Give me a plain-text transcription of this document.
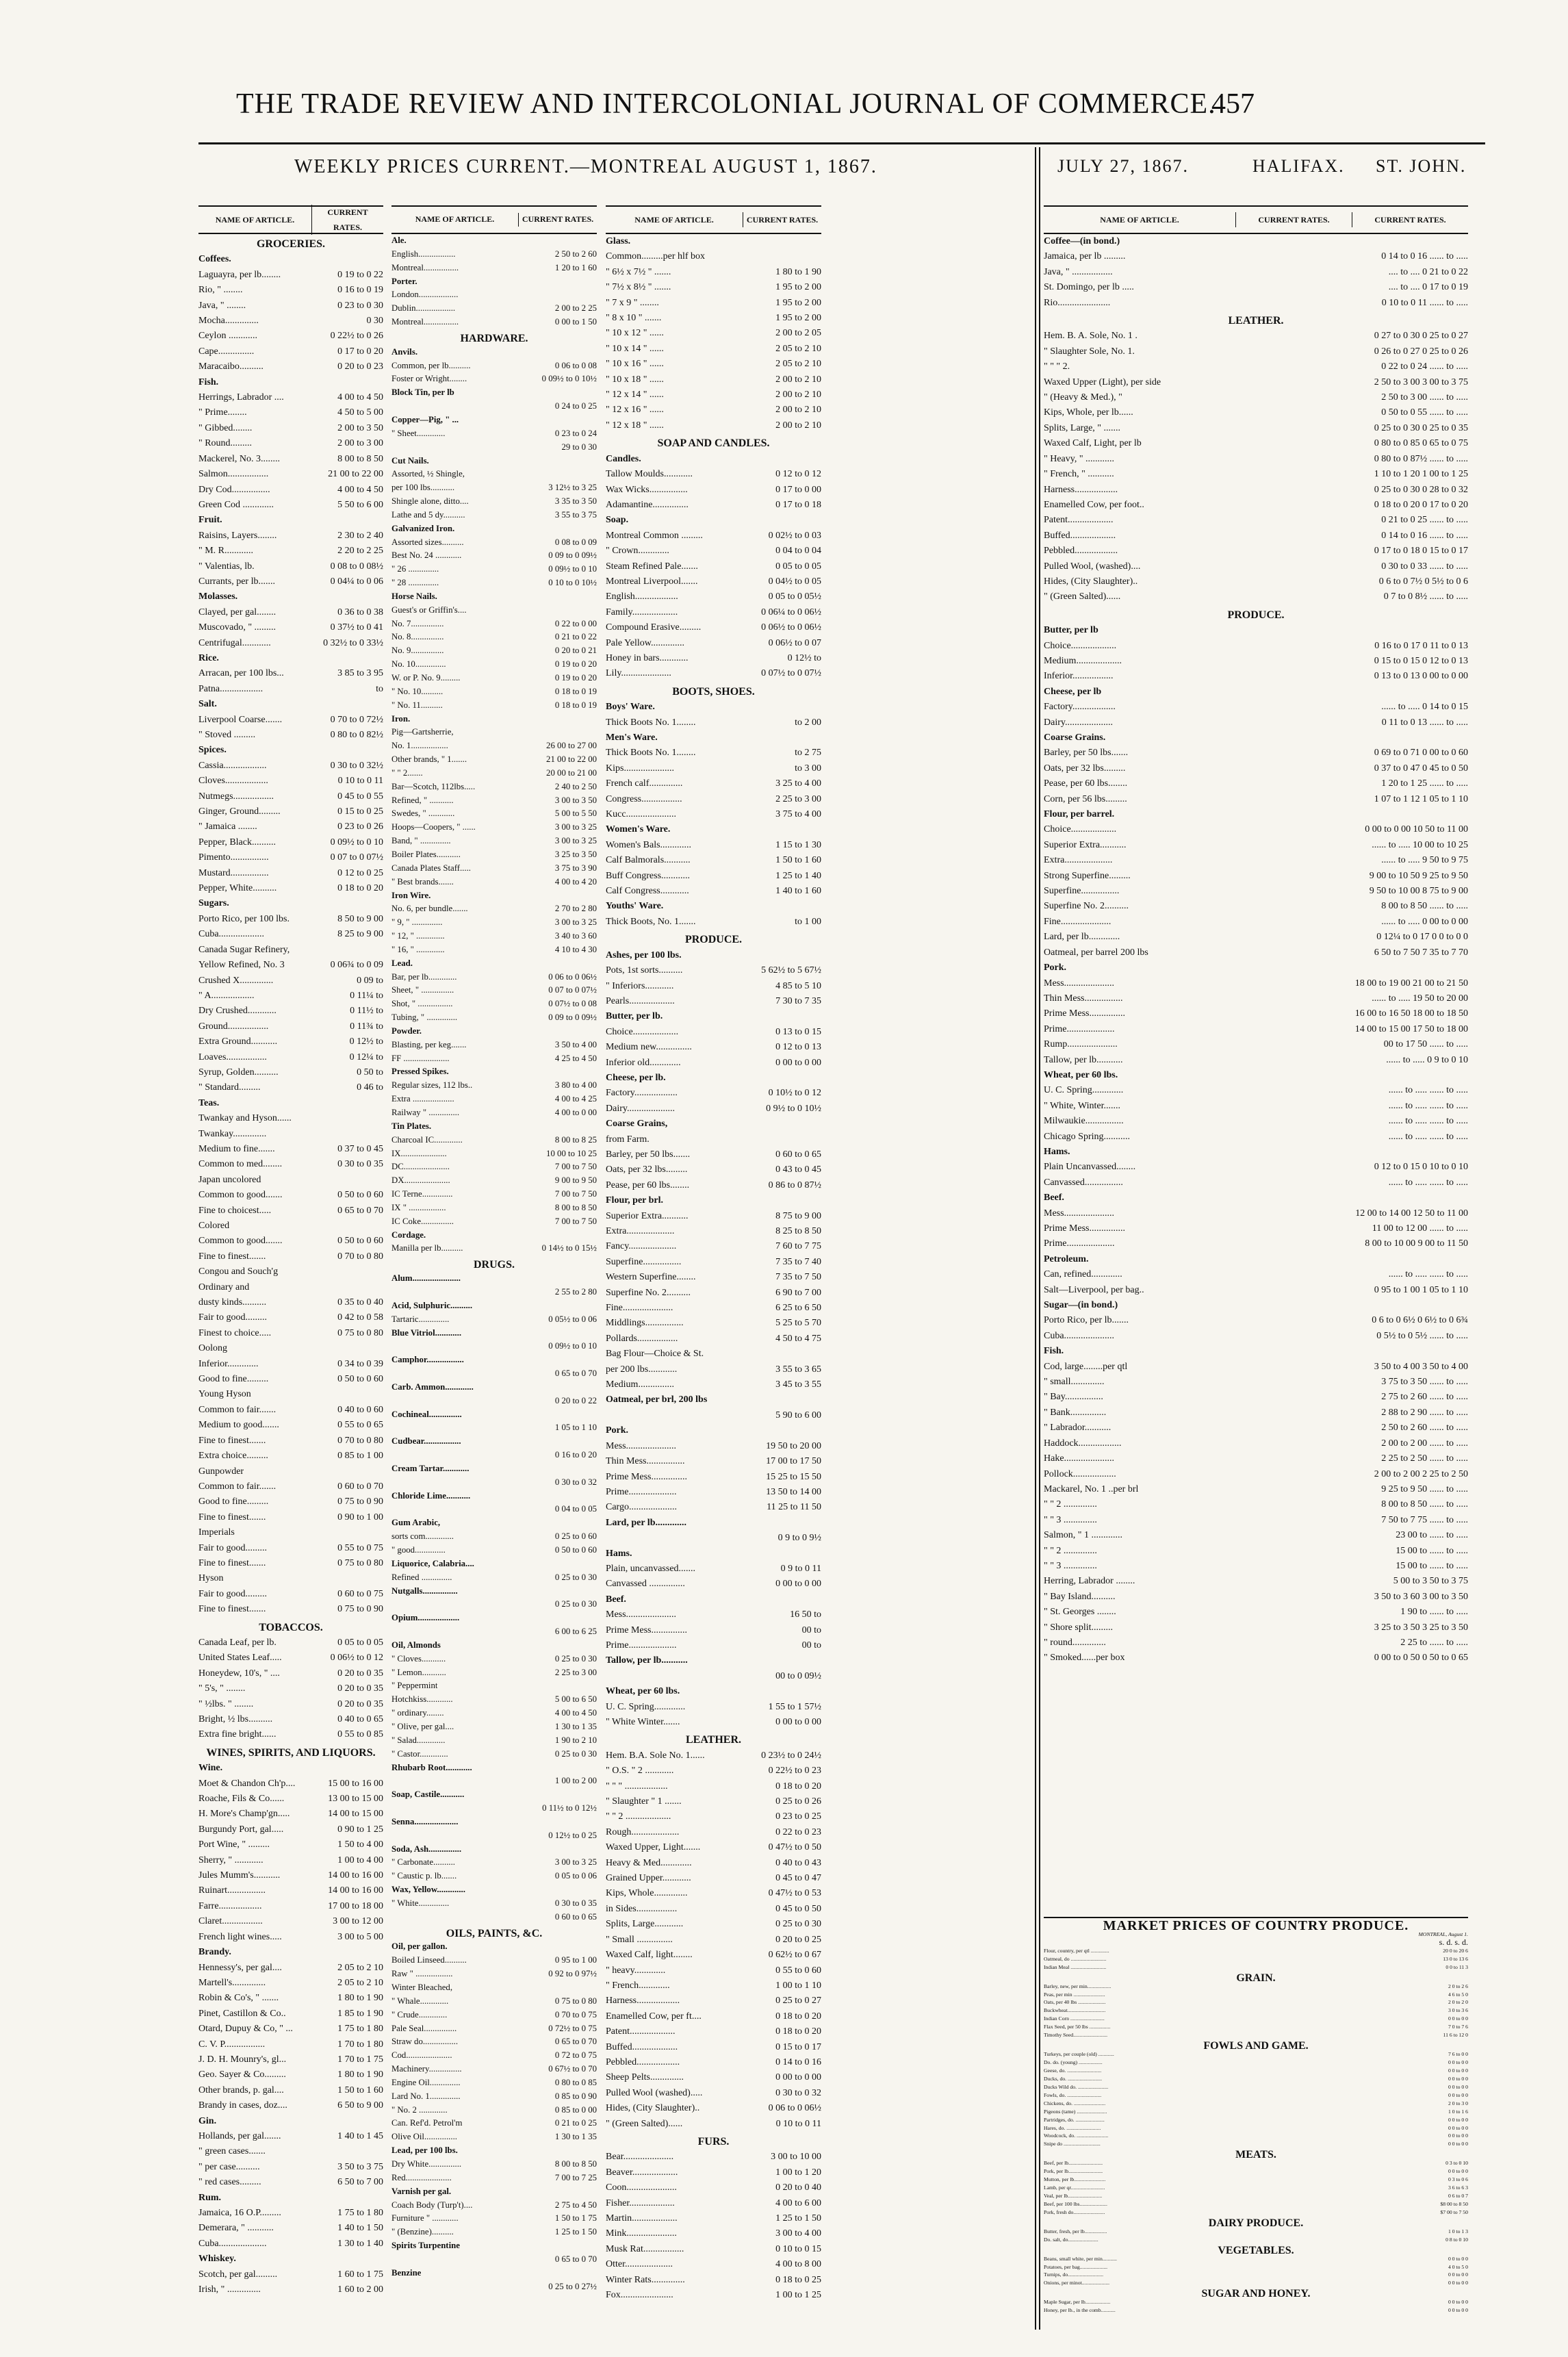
THE TRADE REVIEW AND INTERCOLONIAL JOURNAL OF COMMERCE.
457
WEEKLY PRICES CURRENT.—MONTREAL AUGUST 1, 1867.	JULY 27, 1867.	HALIFAX. ST. JOHN.
NAME OF ARTICLE.
CURRENT RATES.
GROCERIES.
Coffees.
Laguayra, per lb........	0 19 to 0 22
Rio, " ........	0 16 to 0 19
Java, " ........	0 23 to 0 30
Mocha..............	0 30
Ceylon ............	0 22½ to 0 26
Cape...............	0 17 to 0 20
Maracaibo..........	0 20 to 0 23
Fish.
Herrings, Labrador ....	4 00 to 4 50
" Prime........	4 50 to 5 00
" Gibbed........	2 00 to 3 50
" Round.........	2 00 to 3 00
Mackerel, No. 3........	8 00 to 8 50
Salmon.................	21 00 to 22 00
Dry Cod................	4 00 to 4 50
Green Cod .............	5 50 to 6 00
Fruit.
Raisins, Layers........	2 30 to 2 40
" M. R............	2 20 to 2 25
" Valentias, lb.	0 08 to 0 08½
Currants, per lb.......	0 04¼ to 0 06
Molasses.
Clayed, per gal........	0 36 to 0 38
Muscovado, " .........	0 37½ to 0 41
Centrifugal............	0 32½ to 0 33½
Rice.
Arracan, per 100 lbs...	3 85 to 3 95
Patna..................	to
Salt.
Liverpool Coarse.......	0 70 to 0 72½
" Stoved .........	0 80 to 0 82½
Spices.
Cassia..................	0 30 to 0 32½
Cloves..................	0 10 to 0 11
Nutmegs.................	0 45 to 0 55
Ginger, Ground.........	0 15 to 0 25
" Jamaica ........	0 23 to 0 26
Pepper, Black..........	0 09½ to 0 10
Pimento................	0 07 to 0 07½
Mustard................	0 12 to 0 25
Pepper, White..........	0 18 to 0 20
Sugars.
Porto Rico, per 100 lbs.	8 50 to 9 00
Cuba...................	8 25 to 9 00
Canada Sugar Refinery,
Yellow Refined, No. 3	0 06¾ to 0 09
Crushed X..............	0 09 to
" A..................	0 11¼ to
Dry Crushed............	0 11½ to
Ground.................	0 11¾ to
Extra Ground...........	0 12½ to
Loaves.................	0 12¼ to
Syrup, Golden..........	0 50 to
" Standard.........	0 46 to
Teas.
Twankay and Hyson......
Twankay..............
Medium to fine.......	0 37 to 0 45
Common to med........	0 30 to 0 35
Japan uncolored
Common to good.......	0 50 to 0 60
Fine to choicest.....	0 65 to 0 70
Colored
Common to good.......	0 50 to 0 60
Fine to finest.......	0 70 to 0 80
Congou and Souch'g
Ordinary and
dusty kinds..........	0 35 to 0 40
Fair to good.........	0 42 to 0 58
Finest to choice.....	0 75 to 0 80
Oolong
Inferior.............	0 34 to 0 39
Good to fine.........	0 50 to 0 60
Young Hyson
Common to fair.......	0 40 to 0 60
Medium to good.......	0 55 to 0 65
Fine to finest.......	0 70 to 0 80
Extra choice.........	0 85 to 1 00
Gunpowder
Common to fair.......	0 60 to 0 70
Good to fine.........	0 75 to 0 90
Fine to finest.......	0 90 to 1 00
Imperials
Fair to good.........	0 55 to 0 75
Fine to finest.......	0 75 to 0 80
Hyson
Fair to good.........	0 60 to 0 75
Fine to finest.......	0 75 to 0 90
TOBACCOS.
Canada Leaf, per lb.	0 05 to 0 05
United States Leaf.....	0 06½ to 0 12
Honeydew, 10's, " ....	0 20 to 0 35
" 5's, " ........	0 20 to 0 35
" ½lbs. " ........	0 20 to 0 35
Bright, ½ lbs..........	0 40 to 0 65
Extra fine bright......	0 55 to 0 85
WINES, SPIRITS, AND LIQUORS.
Wine.
Moet & Chandon Ch'p....	15 00 to 16 00
Roache, Fils & Co......	13 00 to 15 00
H. More's Champ'gn.....	14 00 to 15 00
Burgundy Port, gal.....	0 90 to 1 25
Port Wine, " .........	1 50 to 4 00
Sherry, " ............	1 00 to 4 00
Jules Mumm's...........	14 00 to 16 00
Ruinart................	14 00 to 16 00
Farre..................	17 00 to 18 00
Claret.................	3 00 to 12 00
French light wines.....	3 00 to 5 00
Brandy.
Hennessy's, per gal....	2 05 to 2 10
Martell's..............	2 05 to 2 10
Robin & Co's, " .......	1 80 to 1 90
Pinet, Castillon & Co..	1 85 to 1 90
Otard, Dupuy & Co, " ...	1 75 to 1 80
C. V. P.................	1 70 to 1 80
J. D. H. Mounry's, gl...	1 70 to 1 75
Geo. Sayer & Co.........	1 80 to 1 90
Other brands, p. gal....	1 50 to 1 60
Brandy in cases, doz....	6 50 to 9 00
Gin.
Hollands, per gal.......	1 40 to 1 45
" green cases.......
" per case..........	3 50 to 3 75
" red cases.........	6 50 to 7 00
Rum.
Jamaica, 16 O.P.........	1 75 to 1 80
Demerara, " ...........	1 40 to 1 50
Cuba....................	1 30 to 1 40
Whiskey.
Scotch, per gal.........	1 60 to 1 75
Irish, " ..............	1 60 to 2 00
NAME OF ARTICLE.	CURRENT RATES.
Ale.
English.................	2 50 to 2 60
Montreal................	1 20 to 1 60
Porter.
London..................
Dublin..................	2 00 to 2 25
Montreal................	0 00 to 1 50
HARDWARE.
Anvils.
Common, per lb..........	0 06 to 0 08
Foster or Wright........	0 09½ to 0 10½
Block Tin, per lb
0 24 to 0 25
Copper—Pig, " ...
" Sheet.............	0 23 to 0 24
29 to 0 30
Cut Nails.
Assorted, ½ Shingle,
per 100 lbs...........	3 12½ to 3 25
Shingle alone, ditto....	3 35 to 3 50
Lathe and 5 dy..........	3 55 to 3 75
Galvanized Iron.
Assorted sizes..........	0 08 to 0 09
Best No. 24 ............	0 09 to 0 09½
" 26 ..............	0 09½ to 0 10
" 28 ..............	0 10 to 0 10½
Horse Nails.
Guest's or Griffin's....
No. 7...............	0 22 to 0 00
No. 8...............	0 21 to 0 22
No. 9...............	0 20 to 0 21
No. 10..............	0 19 to 0 20
W. or P. No. 9.........	0 19 to 0 20
" No. 10..........	0 18 to 0 19
" No. 11..........	0 18 to 0 19
Iron.
Pig—Gartsherrie,
No. 1.................	26 00 to 27 00
Other brands, " 1.......	21 00 to 22 00
" " 2.......	20 00 to 21 00
Bar—Scotch, 112lbs.....	2 40 to 2 50
Refined, " ...........	3 00 to 3 50
Swedes, " ............	5 00 to 5 50
Hoops—Coopers, " ......	3 00 to 3 25
Band, " ..............	3 00 to 3 25
Boiler Plates...........	3 25 to 3 50
Canada Plates Staff.....	3 75 to 3 90
" Best brands.......	4 00 to 4 20
Iron Wire.
No. 6, per bundle.......	2 70 to 2 80
" 9, " ..............	3 00 to 3 25
" 12, " .............	3 40 to 3 60
" 16, " .............	4 10 to 4 30
Lead.
Bar, per lb.............	0 06 to 0 06½
Sheet, " ...............	0 07 to 0 07½
Shot, " ................	0 07½ to 0 08
Tubing, " ..............	0 09 to 0 09½
Powder.
Blasting, per keg.......	3 50 to 4 00
FF .....................	4 25 to 4 50
Pressed Spikes.
Regular sizes, 112 lbs..	3 80 to 4 00
Extra ...................	4 00 to 4 25
Railway " ..............	4 00 to 0 00
Tin Plates.
Charcoal IC.............	8 00 to 8 25
IX.....................	10 00 to 10 25
DC.....................	7 00 to 7 50
DX.....................	9 00 to 9 50
IC Terne..............	7 00 to 7 50
IX " .................	8 00 to 8 50
IC Coke...............	7 00 to 7 50
Cordage.
Manilla per lb..........	0 14½ to 0 15½
DRUGS.
Alum......................
2 55 to 2 80
Acid, Sulphuric..........
Tartaric..............	0 05½ to 0 06
Blue Vitriol............
0 09½ to 0 10
Camphor.................
0 65 to 0 70
Carb. Ammon.............
0 20 to 0 22
Cochineal...............
1 05 to 1 10
Cudbear.................
0 16 to 0 20
Cream Tartar............
0 30 to 0 32
Chloride Lime...........
0 04 to 0 05
Gum Arabic,
sorts com.............	0 25 to 0 60
" good..............	0 50 to 0 60
Liquorice, Calabria....
Refined ..............	0 25 to 0 30
Nutgalls................
0 25 to 0 30
Opium...................
6 00 to 6 25
Oil, Almonds
" Cloves...........	0 25 to 0 30
" Lemon...........	2 25 to 3 00
" Peppermint
Hotchkiss............	5 00 to 6 50
" ordinary........	4 00 to 4 50
" Olive, per gal....	1 30 to 1 35
" Salad.............	1 90 to 2 10
" Castor.............	0 25 to 0 30
Rhubarb Root............
1 00 to 2 00
Soap, Castile...........
0 11½ to 0 12½
Senna....................
0 12½ to 0 25
Soda, Ash...............
" Carbonate..........	3 00 to 3 25
" Caustic p. lb.......	0 05 to 0 06
Wax, Yellow.............
" White..............	0 30 to 0 35
0 60 to 0 65
OILS, PAINTS, &C.
Oil, per gallon.
Boiled Linseed..........	0 95 to 1 00
Raw " .................	0 92 to 0 97½
Winter Bleached,
" Whale.............	0 75 to 0 80
" Crude.............	0 70 to 0 75
Pale Seal...............	0 72½ to 0 75
Straw do................	0 65 to 0 70
Cod.....................	0 72 to 0 75
Machinery...............	0 67½ to 0 70
Engine Oil..............	0 80 to 0 85
Lard No. 1..............	0 85 to 0 90
" No. 2 .............	0 85 to 0 00
Can. Ref'd. Petrol'm	0 21 to 0 25
Olive Oil...............	1 30 to 1 35
Lead, per 100 lbs.
Dry White...............	8 00 to 8 50
Red.....................	7 00 to 7 25
Varnish per gal.
Coach Body (Turp't)....	2 75 to 4 50
Furniture " ............	1 50 to 1 75
" (Benzine)..........	1 25 to 1 50
Spirits Turpentine
0 65 to 0 70
Benzine
0 25 to 0 27½
NAME OF ARTICLE.	CURRENT RATES.
Glass.
Common.........per hlf box
" 6½ x 7½ " .......	1 80 to 1 90
" 7½ x 8½ " .......	1 95 to 2 00
" 7 x 9 " ........	1 95 to 2 00
" 8 x 10 " .......	1 95 to 2 00
" 10 x 12 " ......	2 00 to 2 05
" 10 x 14 " ......	2 05 to 2 10
" 10 x 16 " ......	2 05 to 2 10
" 10 x 18 " ......	2 00 to 2 10
" 12 x 14 " ......	2 00 to 2 10
" 12 x 16 " ......	2 00 to 2 10
" 12 x 18 " ......	2 00 to 2 10
SOAP AND CANDLES.
Candles.
Tallow Moulds............	0 12 to 0 12
Wax Wicks................	0 17 to 0 00
Adamantine...............	0 17 to 0 18
Soap.
Montreal Common .........	0 02½ to 0 03
" Crown.............	0 04 to 0 04
Steam Refined Pale.......	0 05 to 0 05
Montreal Liverpool.......	0 04½ to 0 05
English..................	0 05 to 0 05½
Family...................	0 06¼ to 0 06½
Compound Erasive.........	0 06½ to 0 06½
Pale Yellow..............	0 06½ to 0 07
Honey in bars............	0 12½ to
Lily.....................	0 07½ to 0 07½
BOOTS, SHOES.
Boys' Ware.
Thick Boots No. 1........	to 2 00
Men's Ware.
Thick Boots No. 1........	to 2 75
Kips.....................	to 3 00
French calf..............	3 25 to 4 00
Congress.................	2 25 to 3 00
Kucc.....................	3 75 to 4 00
Women's Ware.
Women's Bals.............	1 15 to 1 30
Calf Balmorals...........	1 50 to 1 60
Buff Congress............	1 25 to 1 40
Calf Congress............	1 40 to 1 60
Youths' Ware.
Thick Boots, No. 1.......	to 1 00
PRODUCE.
Ashes, per 100 lbs.
Pots, 1st sorts..........	5 62½ to 5 67½
" Inferiors............	4 85 to 5 10
Pearls...................	7 30 to 7 35
Butter, per lb.
Choice...................	0 13 to 0 15
Medium new...............	0 12 to 0 13
Inferior old.............	0 00 to 0 00
Cheese, per lb.
Factory..................	0 10½ to 0 12
Dairy....................	0 9½ to 0 10½
Coarse Grains,
from Farm.
Barley, per 50 lbs.......	0 60 to 0 65
Oats, per 32 lbs.........	0 43 to 0 45
Pease, per 60 lbs........	0 86 to 0 87½
Flour, per brl.
Superior Extra...........	8 75 to 9 00
Extra....................	8 25 to 8 50
Fancy....................	7 60 to 7 75
Superfine................	7 35 to 7 40
Western Superfine........	7 35 to 7 50
Superfine No. 2..........	6 90 to 7 00
Fine.....................	6 25 to 6 50
Middlings................	5 25 to 5 70
Pollards.................	4 50 to 4 75
Bag Flour—Choice & St.
per 200 lbs............	3 55 to 3 65
Medium...............	3 45 to 3 55
Oatmeal, per brl, 200 lbs
5 90 to 6 00
Pork.
Mess.....................	19 50 to 20 00
Thin Mess................	17 00 to 17 50
Prime Mess...............	15 25 to 15 50
Prime....................	13 50 to 14 00
Cargo....................	11 25 to 11 50
Lard, per lb.............
0 9 to 0 9½
Hams.
Plain, uncanvassed.......	0 9 to 0 11
Canvassed ...............	0 00 to 0 00
Beef.
Mess.....................	16 50 to
Prime Mess...............	00 to
Prime....................	00 to
Tallow, per lb...........
00 to 0 09½
Wheat, per 60 lbs.
U. C. Spring.............	1 55 to 1 57½
" White Winter.......	0 00 to 0 00
LEATHER.
Hem. B.A. Sole No. 1......	0 23½ to 0 24½
" O.S. " 2 ............	0 22½ to 0 23
" " " ..................	0 18 to 0 20
" Slaughter " 1 .......	0 25 to 0 26
" " 2 ...................	0 23 to 0 25
Rough....................	0 22 to 0 23
Waxed Upper, Light.......	0 47½ to 0 50
Heavy & Med.............	0 40 to 0 43
Grained Upper............	0 45 to 0 47
Kips, Whole..............	0 47½ to 0 53
in Sides.................	0 45 to 0 50
Splits, Large............	0 25 to 0 30
" Small ...............	0 20 to 0 25
Waxed Calf, light........	0 62½ to 0 67
" heavy.............	0 55 to 0 60
" French.............	1 00 to 1 10
Harness..................	0 25 to 0 27
Enamelled Cow, per ft....	0 18 to 0 20
Patent...................	0 18 to 0 20
Buffed...................	0 15 to 0 17
Pebbled..................	0 14 to 0 16
Sheep Pelts..............	0 00 to 0 00
Pulled Wool (washed).....	0 30 to 0 32
Hides, (City Slaughter)..	0 06 to 0 06½
" (Green Salted)......	0 10 to 0 11
FURS.
Bear.....................	3 00 to 10 00
Beaver...................	1 00 to 1 20
Coon.....................	0 20 to 0 40
Fisher...................	4 00 to 6 00
Martin...................	1 25 to 1 50
Mink.....................	3 00 to 4 00
Musk Rat.................	0 10 to 0 15
Otter....................	4 00 to 8 00
Winter Rats..............	0 18 to 0 25
Fox......................	1 00 to 1 25
NAME OF ARTICLE.	CURRENT RATES.	CURRENT RATES.
Coffee—(in bond.)
Jamaica, per lb .........	0 14 to 0 16 ...... to .....
Java, " .................	.... to .... 0 21 to 0 22
St. Domingo, per lb .....	.... to .... 0 17 to 0 19
Rio......................	0 10 to 0 11 ...... to .....
LEATHER.
Hem. B. A. Sole, No. 1 .	0 27 to 0 30 0 25 to 0 27
" Slaughter Sole, No. 1.	0 26 to 0 27 0 25 to 0 26
" " " 2.	0 22 to 0 24 ...... to .....
Waxed Upper (Light), per side	2 50 to 3 00 3 00 to 3 75
" (Heavy & Med.), "	2 50 to 3 00 ...... to .....
Kips, Whole, per lb......	0 50 to 0 55 ...... to .....
Splits, Large, " .......	0 25 to 0 30 0 25 to 0 35
Waxed Calf, Light, per lb	0 80 to 0 85 0 65 to 0 75
" Heavy, " ............	0 80 to 0 87½ ...... to .....
" French, " ...........	1 10 to 1 20 1 00 to 1 25
Harness..................	0 25 to 0 30 0 28 to 0 32
Enamelled Cow, per foot..	0 18 to 0 20 0 17 to 0 20
Patent...................	0 21 to 0 25 ...... to .....
Buffed...................	0 14 to 0 16 ...... to .....
Pebbled..................	0 17 to 0 18 0 15 to 0 17
Pulled Wool, (washed)....	0 30 to 0 33 ...... to .....
Hides, (City Slaughter)..	0 6 to 0 7½ 0 5½ to 0 6
" (Green Salted)......	0 7 to 0 8½ ...... to .....
PRODUCE.
Butter, per lb
Choice...................	0 16 to 0 17 0 11 to 0 13
Medium...................	0 15 to 0 15 0 12 to 0 13
Inferior.................	0 13 to 0 13 0 00 to 0 00
Cheese, per lb
Factory..................	...... to ..... 0 14 to 0 15
Dairy....................	0 11 to 0 13 ...... to .....
Coarse Grains.
Barley, per 50 lbs.......	0 69 to 0 71 0 00 to 0 60
Oats, per 32 lbs.........	0 37 to 0 47 0 45 to 0 50
Pease, per 60 lbs........	1 20 to 1 25 ...... to .....
Corn, per 56 lbs.........	1 07 to 1 12 1 05 to 1 10
Flour, per barrel.
Choice...................	0 00 to 0 00 10 50 to 11 00
Superior Extra...........	...... to ..... 10 00 to 10 25
Extra....................	...... to ..... 9 50 to 9 75
Strong Superfine.........	9 00 to 10 50 9 25 to 9 50
Superfine................	9 50 to 10 00 8 75 to 9 00
Superfine No. 2..........	8 00 to 8 50 ...... to .....
Fine.....................	...... to ..... 0 00 to 0 00
Lard, per lb.............	0 12¼ to 0 17 0 0 to 0 0
Oatmeal, per barrel 200 lbs	6 50 to 7 50 7 35 to 7 70
Pork.
Mess.....................	18 00 to 19 00 21 00 to 21 50
Thin Mess................	...... to ..... 19 50 to 20 00
Prime Mess...............	16 00 to 16 50 18 00 to 18 50
Prime....................	14 00 to 15 00 17 50 to 18 00
Rump.....................	00 to 17 50 ...... to .....
Tallow, per lb...........	...... to ..... 0 9 to 0 10
Wheat, per 60 lbs.
U. C. Spring.............	...... to ..... ...... to .....
" White, Winter.......	...... to ..... ...... to .....
Milwaukie................	...... to ..... ...... to .....
Chicago Spring...........	...... to ..... ...... to .....
Hams.
Plain Uncanvassed........	0 12 to 0 15 0 10 to 0 10
Canvassed................	...... to ..... ...... to .....
Beef.
Mess.....................	12 00 to 14 00 12 50 to 11 00
Prime Mess...............	11 00 to 12 00 ...... to .....
Prime....................	8 00 to 10 00 9 00 to 11 50
Petroleum.
Can, refined.............	...... to ..... ...... to .....
Salt—Liverpool, per bag..	0 95 to 1 00 1 05 to 1 10
Sugar—(in bond.)
Porto Rico, per lb.......	0 6 to 0 6½ 0 6½ to 0 6¾
Cuba.....................	0 5½ to 0 5½ ...... to .....
Fish.
Cod, large........per qtl	3 50 to 4 00 3 50 to 4 00
" small..............	3 75 to 3 50 ...... to .....
" Bay................	2 75 to 2 60 ...... to .....
" Bank...............	2 88 to 2 90 ...... to .....
" Labrador...........	2 50 to 2 60 ...... to .....
Haddock..................	2 00 to 2 00 ...... to .....
Hake.....................	2 25 to 2 50 ...... to .....
Pollock..................	2 00 to 2 00 2 25 to 2 50
Mackarel, No. 1 ..per brl	9 25 to 9 50 ...... to .....
" " 2 ..............	8 00 to 8 50 ...... to .....
" " 3 ..............	7 50 to 7 75 ...... to .....
Salmon, " 1 .............	23 00 to ...... to .....
" " 2 ..............	15 00 to ...... to .....
" " 3 ..............	15 00 to ...... to .....
Herring, Labrador ........	5 00 to 3 50 to 3 75
" Bay Island..........	3 50 to 3 60 3 00 to 3 50
" St. Georges ........	1 90 to ...... to .....
" Shore split.........	3 25 to 3 50 3 25 to 3 50
" round..............	2 25 to ...... to .....
" Smoked......per box	0 00 to 0 50 0 50 to 0 65
MARKET PRICES OF COUNTRY PRODUCE.
MONTREAL, August 1.
s. d. s. d.
Flour, country, per qtl ..............	20 0 to 20 6
Oatmeal, do ...........................	13 0 to 13 6
Indian Meal ...........................	0 0 to 11 3
GRAIN.
Barley, new, per min..................	2 0 to 2 6
Peas, per min ........................	4 6 to 5 0
Oats, per 40 lbs .....................	2 0 to 2 0
Buckwheat.............................	3 0 to 3 6
Indian Corn ..........................	0 0 to 0 0
Flax Seed, per 50 lbs ................	7 0 to 7 6
Timothy Seed..........................	11 6 to 12 0
FOWLS AND GAME.
Turkeys, per couple (old) ............	7 6 to 0 0
Do. do. (young) ..................	0 0 to 0 0
Geese, do. ..........................	0 0 to 0 0
Ducks, do. ..........................	0 0 to 0 0
Ducks Wild do. .......................	0 0 to 0 0
Fowls, do. ..........................	0 0 to 0 0
Chickens, do. ........................	2 0 to 3 0
Pigeons (tame) .......................	1 0 to 1 6
Partridges, do. ......................	0 0 to 0 0
Hares, do. ..........................	0 0 to 0 0
Woodcock, do. ........................	0 0 to 0 0
Snipe do ............................	0 0 to 0 0
MEATS.
Beef, per lb..........................	0 3 to 0 10
Pork, per lb..........................	0 0 to 0 0
Mutton, per lb........................	0 3 to 0 6
Lamb, per qr..........................	3 6 to 6 3
Veal, per lb..........................	0 6 to 0 7
Beef, per 100 lbs.....................	$8 00 to 8 50
Pork, fresh do........................	$7 00 to 7 50
DAIRY PRODUCE.
Butter, fresh, per lb.................	1 0 to 1 3
Do. salt, do.......................	0 8 to 0 10
VEGETABLES.
Beans, small white, per min...........	0 0 to 0 0
Potatoes, per bag.....................	4 0 to 5 0
Turnips, do...........................	0 0 to 0 0
Onions, per minot.....................	0 0 to 0 0
SUGAR AND HONEY.
Maple Sugar, per lb...................	0 0 to 0 0
Honey, per lb., in the comb...........	0 0 to 0 0
